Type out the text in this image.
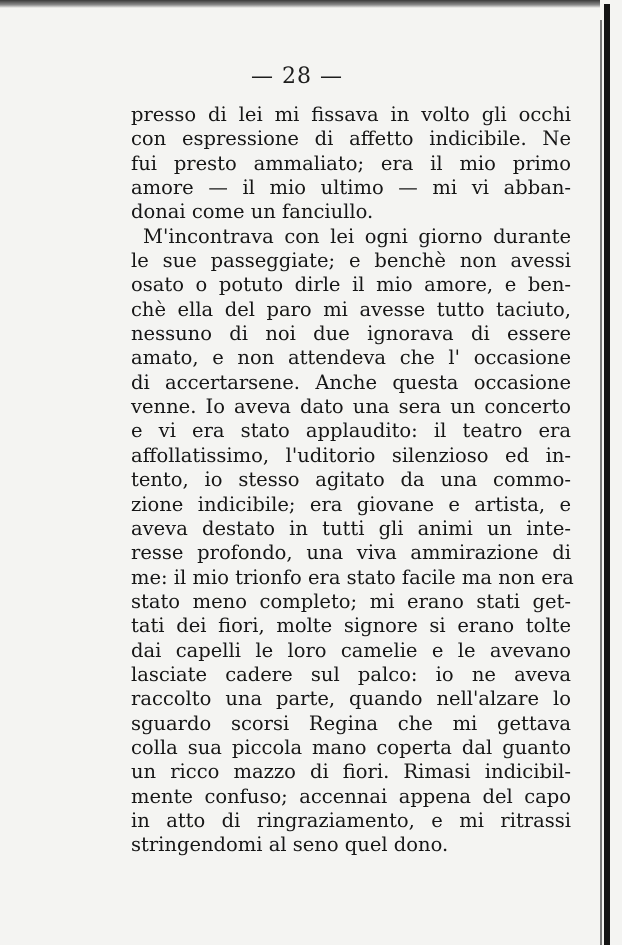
— 28 —
presso di lei mi fissava in volto gli occhi
con espressione di affetto indicibile. Ne
fui presto ammaliato; era il mio primo
amore — il mio ultimo — mi vi abban-
donai come un fanciullo.
M'incontrava con lei ogni giorno durante
le sue passeggiate; e benchè non avessi
osato o potuto dirle il mio amore, e ben-
chè ella del paro mi avesse tutto taciuto,
nessuno di noi due ignorava di essere
amato, e non attendeva che l' occasione
di accertarsene. Anche questa occasione
venne. Io aveva dato una sera un concerto
e vi era stato applaudito: il teatro era
affollatissimo, l'uditorio silenzioso ed in-
tento, io stesso agitato da una commo-
zione indicibile; era giovane e artista, e
aveva destato in tutti gli animi un inte-
resse profondo, una viva ammirazione di
me: il mio trionfo era stato facile ma non era
stato meno completo; mi erano stati get-
tati dei fiori, molte signore si erano tolte
dai capelli le loro camelie e le avevano
lasciate cadere sul palco: io ne aveva
raccolto una parte, quando nell'alzare lo
sguardo scorsi Regina che mi gettava
colla sua piccola mano coperta dal guanto
un ricco mazzo di fiori. Rimasi indicibil-
mente confuso; accennai appena del capo
in atto di ringraziamento, e mi ritrassi
stringendomi al seno quel dono.
